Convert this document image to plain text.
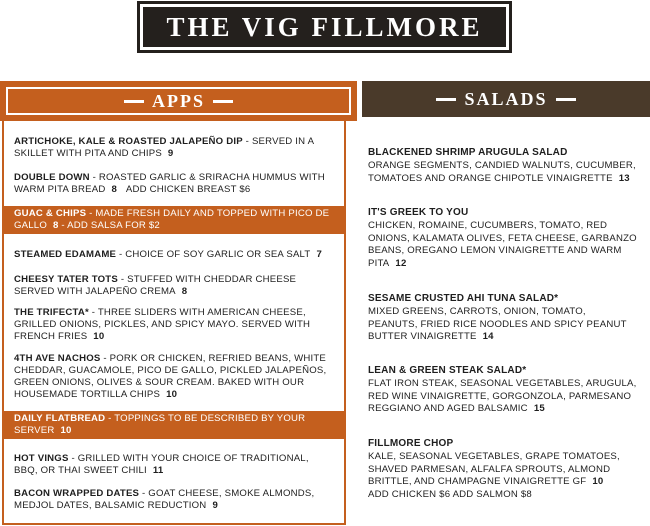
THE VIG FILLMORE
APPS	SALADS
ARTICHOKE, KALE & ROASTED JALAPEÑO DIP - SERVED IN A SKILLET WITH PITA AND CHIPS 9
DOUBLE DOWN - ROASTED GARLIC & SRIRACHA HUMMUS WITH WARM PITA BREAD 8 ADD CHICKEN BREAST $6
GUAC & CHIPS - MADE FRESH DAILY AND TOPPED WITH PICO DE GALLO 8 - ADD SALSA FOR $2
STEAMED EDAMAME - CHOICE OF SOY GARLIC OR SEA SALT 7
CHEESY TATER TOTS - STUFFED WITH CHEDDAR CHEESE SERVED WITH JALAPEÑO CREMA 8
THE TRIFECTA* - THREE SLIDERS WITH AMERICAN CHEESE, GRILLED ONIONS, PICKLES, AND SPICY MAYO. SERVED WITH FRENCH FRIES 10
4TH AVE NACHOS - PORK OR CHICKEN, REFRIED BEANS, WHITE CHEDDAR, GUACAMOLE, PICO DE GALLO, PICKLED JALAPEÑOS, GREEN ONIONS, OLIVES & SOUR CREAM. BAKED WITH OUR HOUSEMADE TORTILLA CHIPS 10
DAILY FLATBREAD - TOPPINGS TO BE DESCRIBED BY YOUR SERVER 10
HOT VINGS - GRILLED WITH YOUR CHOICE OF TRADITIONAL, BBQ, OR THAI SWEET CHILI 11
BACON WRAPPED DATES - GOAT CHEESE, SMOKE ALMONDS, MEDJOL DATES, BALSAMIC REDUCTION 9
BLACKENED SHRIMP ARUGULA SALAD
ORANGE SEGMENTS, CANDIED WALNUTS, CUCUMBER, TOMATOES AND ORANGE CHIPOTLE VINAIGRETTE 13
IT'S GREEK TO YOU
CHICKEN, ROMAINE, CUCUMBERS, TOMATO, RED ONIONS, KALAMATA OLIVES, FETA CHEESE, GARBANZO BEANS, OREGANO LEMON VINAIGRETTE AND WARM PITA 12
SESAME CRUSTED AHI TUNA SALAD*
MIXED GREENS, CARROTS, ONION, TOMATO, PEANUTS, FRIED RICE NOODLES AND SPICY PEANUT BUTTER VINAIGRETTE 14
LEAN & GREEN STEAK SALAD*
FLAT IRON STEAK, SEASONAL VEGETABLES, ARUGULA, RED WINE VINAIGRETTE, GORGONZOLA, PARMESANO REGGIANO AND AGED BALSAMIC 15
FILLMORE CHOP
KALE, SEASONAL VEGETABLES, GRAPE TOMATOES, SHAVED PARMESAN, ALFALFA SPROUTS, ALMOND BRITTLE, AND CHAMPAGNE VINAIGRETTE GF 10
ADD CHICKEN $6 ADD SALMON $8
